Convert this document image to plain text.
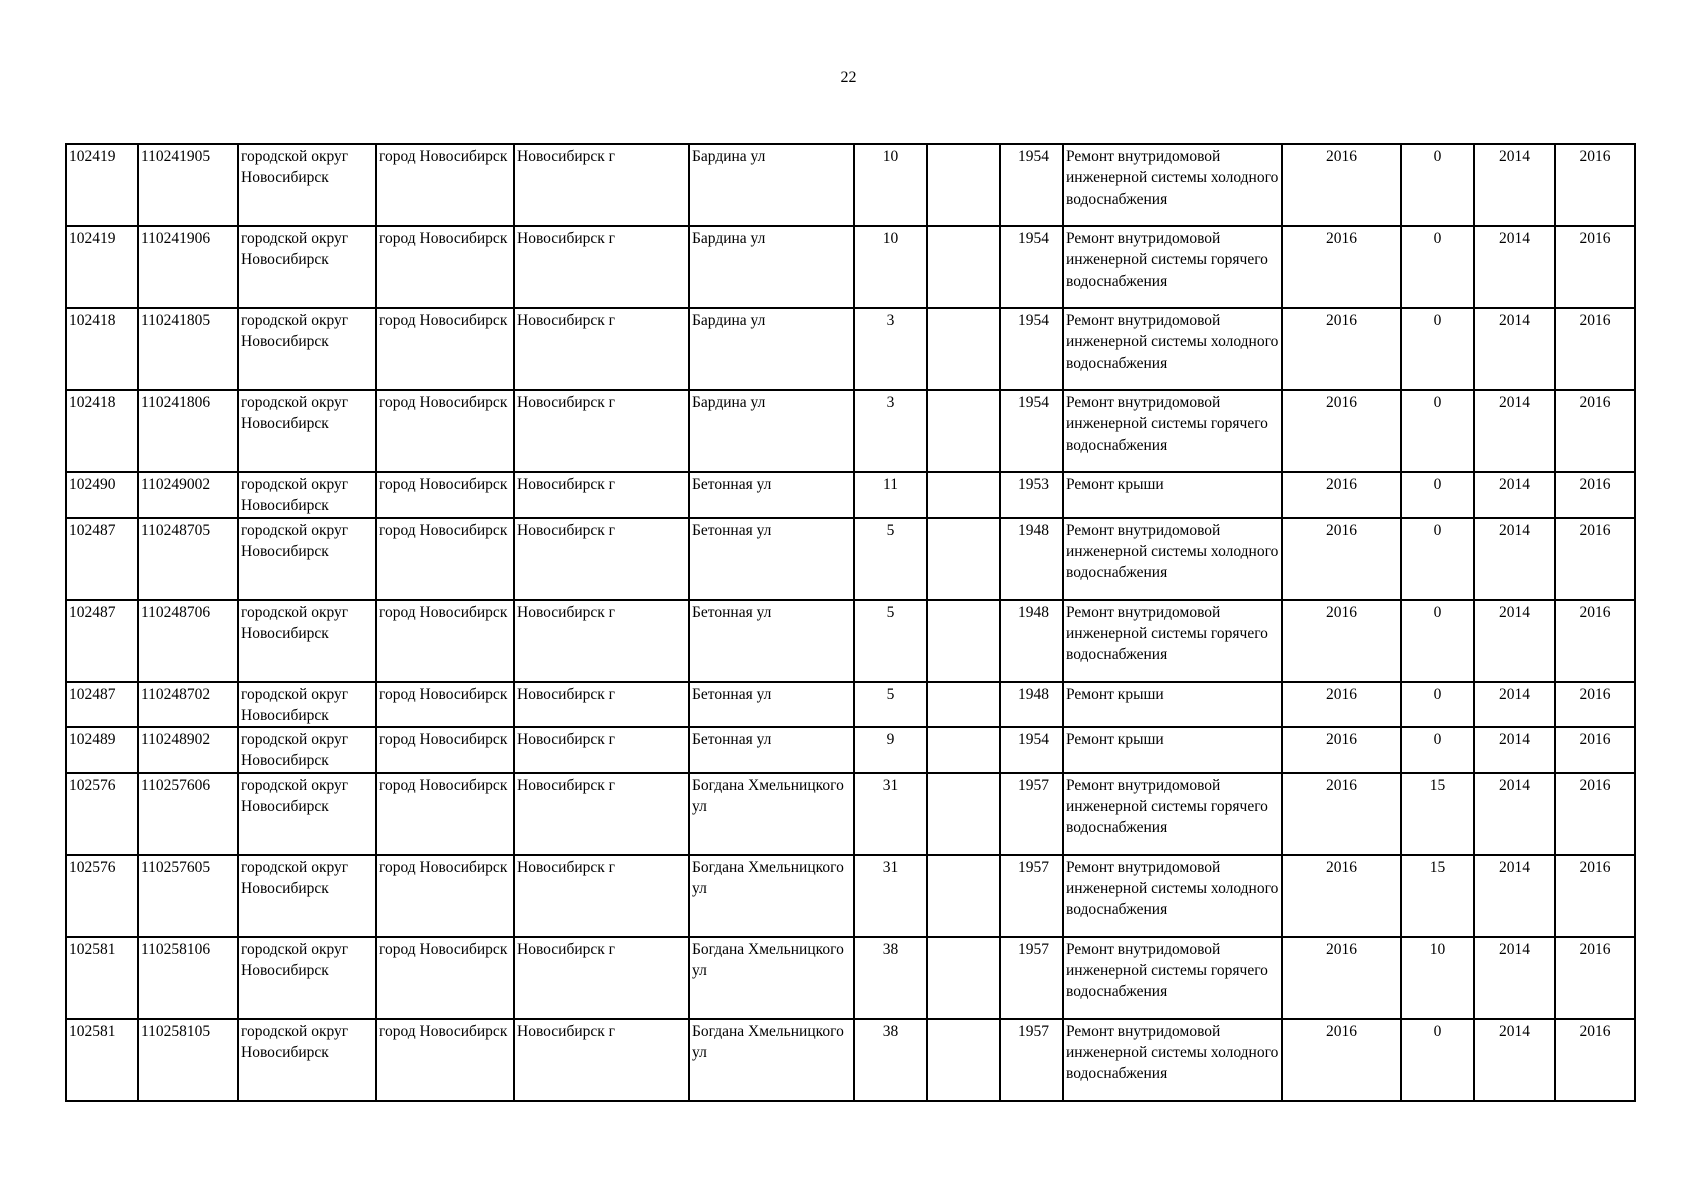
22
102419	110241905	городской округ Новосибирск	город Новосибирск	Новосибирск г	Бардина ул	10		1954	Ремонт внутридомовой инженерной системы холодного водоснабжения	2016	0	2014	2016
102419	110241906	городской округ Новосибирск	город Новосибирск	Новосибирск г	Бардина ул	10		1954	Ремонт внутридомовой инженерной системы горячего водоснабжения	2016	0	2014	2016
102418	110241805	городской округ Новосибирск	город Новосибирск	Новосибирск г	Бардина ул	3		1954	Ремонт внутридомовой инженерной системы холодного водоснабжения	2016	0	2014	2016
102418	110241806	городской округ Новосибирск	город Новосибирск	Новосибирск г	Бардина ул	3		1954	Ремонт внутридомовой инженерной системы горячего водоснабжения	2016	0	2014	2016
102490	110249002	городской округ Новосибирск	город Новосибирск	Новосибирск г	Бетонная ул	11		1953	Ремонт крыши	2016	0	2014	2016
102487	110248705	городской округ Новосибирск	город Новосибирск	Новосибирск г	Бетонная ул	5		1948	Ремонт внутридомовой инженерной системы холодного водоснабжения	2016	0	2014	2016
102487	110248706	городской округ Новосибирск	город Новосибирск	Новосибирск г	Бетонная ул	5		1948	Ремонт внутридомовой инженерной системы горячего водоснабжения	2016	0	2014	2016
102487	110248702	городской округ Новосибирск	город Новосибирск	Новосибирск г	Бетонная ул	5		1948	Ремонт крыши	2016	0	2014	2016
102489	110248902	городской округ Новосибирск	город Новосибирск	Новосибирск г	Бетонная ул	9		1954	Ремонт крыши	2016	0	2014	2016
102576	110257606	городской округ Новосибирск	город Новосибирск	Новосибирск г	Богдана Хмельницкого ул	31		1957	Ремонт внутридомовой инженерной системы горячего водоснабжения	2016	15	2014	2016
102576	110257605	городской округ Новосибирск	город Новосибирск	Новосибирск г	Богдана Хмельницкого ул	31		1957	Ремонт внутридомовой инженерной системы холодного водоснабжения	2016	15	2014	2016
102581	110258106	городской округ Новосибирск	город Новосибирск	Новосибирск г	Богдана Хмельницкого ул	38		1957	Ремонт внутридомовой инженерной системы горячего водоснабжения	2016	10	2014	2016
102581	110258105	городской округ Новосибирск	город Новосибирск	Новосибирск г	Богдана Хмельницкого ул	38		1957	Ремонт внутридомовой инженерной системы холодного водоснабжения	2016	0	2014	2016
